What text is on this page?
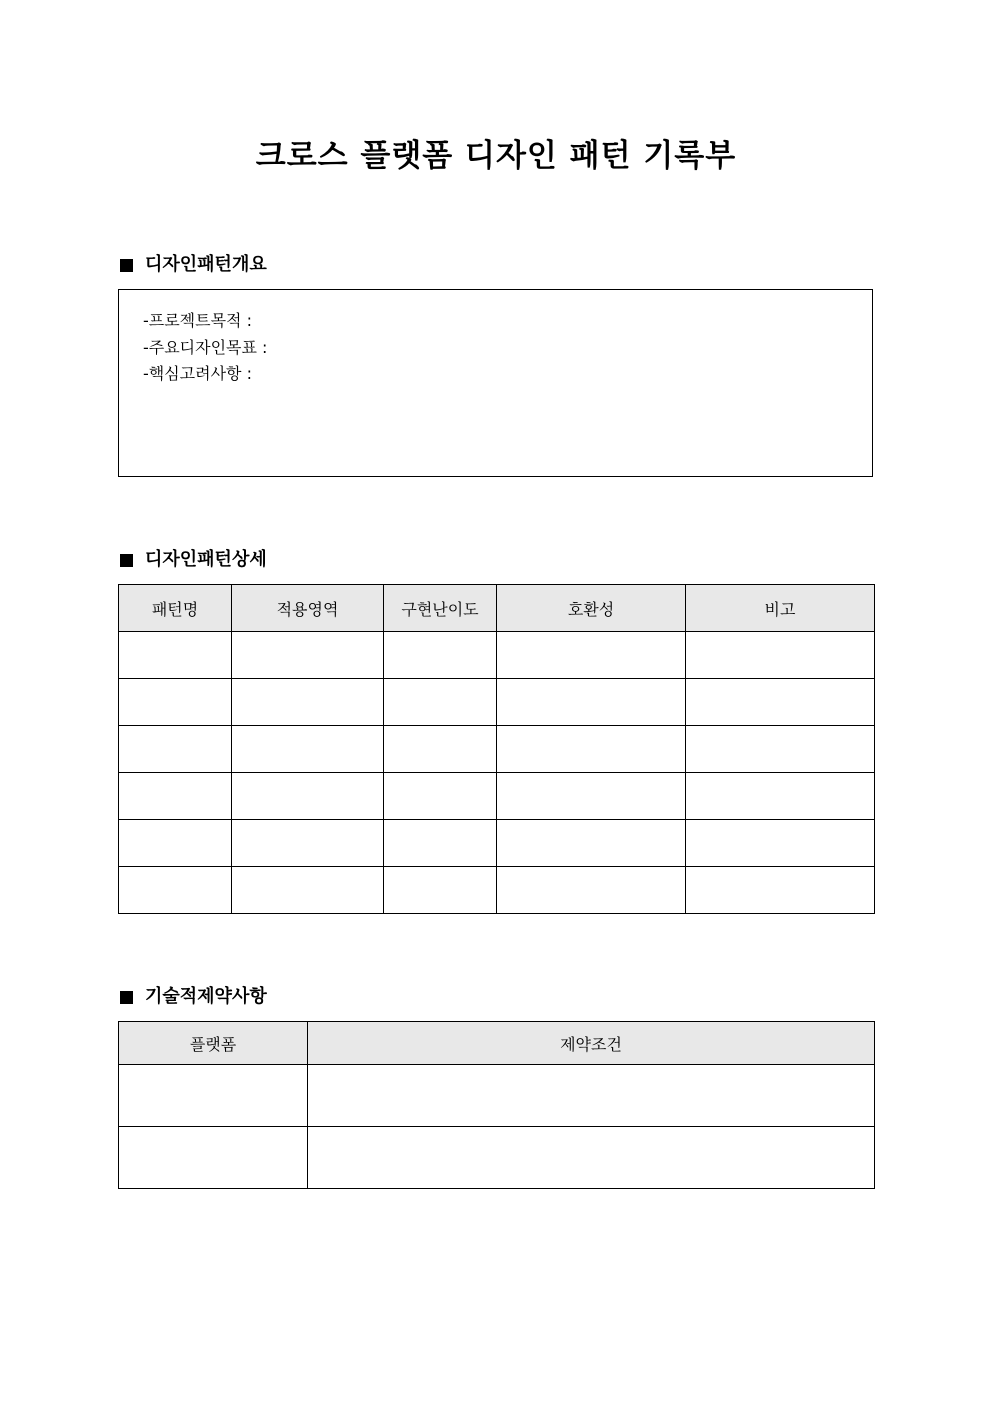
크로스 플랫폼 디자인 패턴 기록부
디자인패턴개요
-프로젝트목적 :
-주요디자인목표 :
-핵심고려사항 :
디자인패턴상세
패턴명	적용영역	구현난이도	호환성	비고

기술적제약사항
플랫폼	제약조건
